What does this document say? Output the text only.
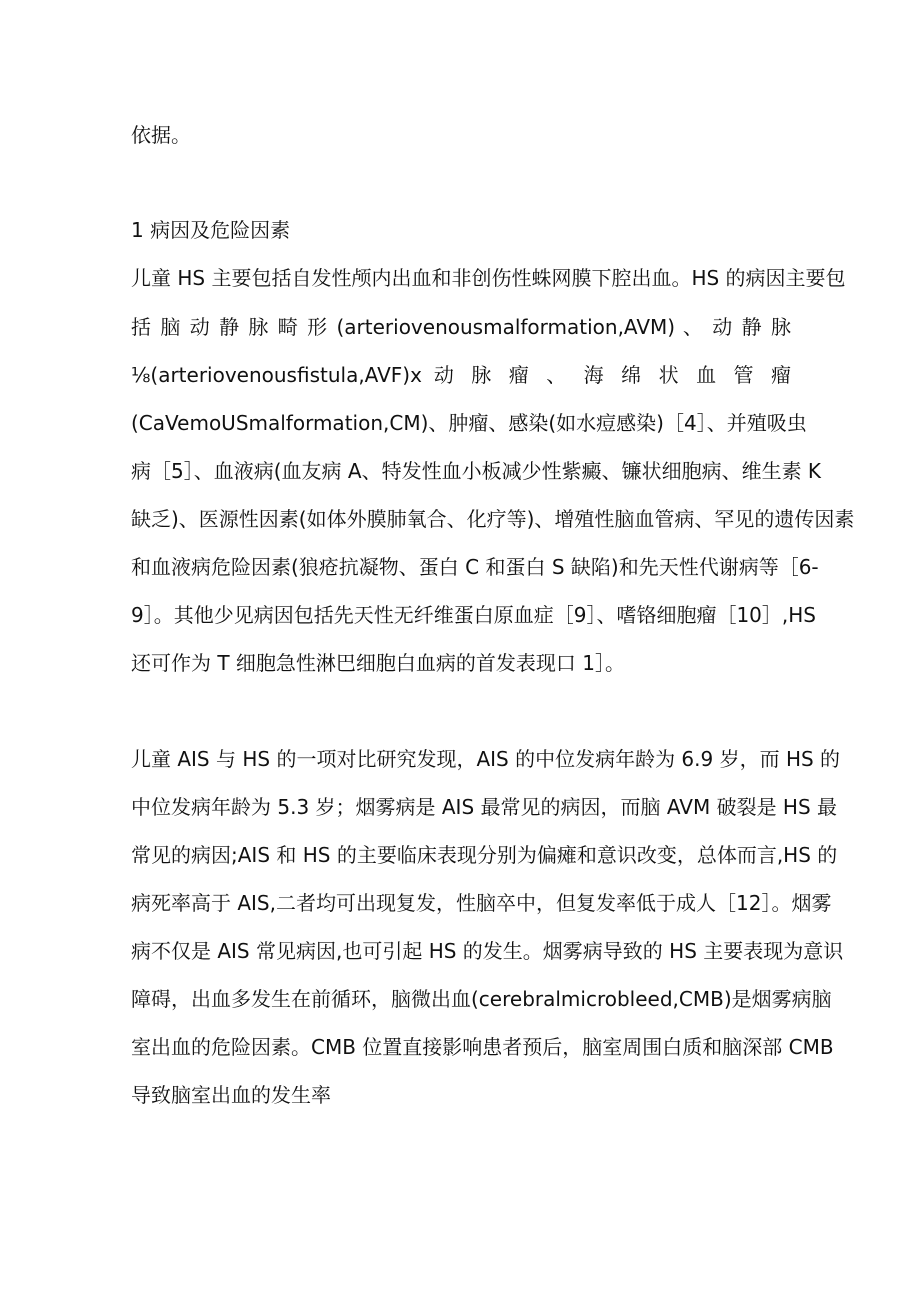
依据。

1 病因及危险因素

儿童 HS 主要包括自发性颅内出血和非创伤性蛛网膜下腔出血。HS 的病因主要包

括 脑 动 静 脉 畸 形 (arteriovenousmalformation,AVM) 、 动 静 脉

⅛(arteriovenousfistula,AVF)x 动 脉 瘤 、 海 绵 状 血 管 瘤

(CaVemoUSmalformation,CM)、肿瘤、感染(如水痘感染)［4］、并殖吸虫

病［5］、血液病(血友病 A、特发性血小板减少性紫癜、镰状细胞病、维生素 K

缺乏)、医源性因素(如体外膜肺氧合、化疗等)、增殖性脑血管病、罕见的遗传因素

和血液病危险因素(狼疮抗凝物、蛋白 C 和蛋白 S 缺陷)和先天性代谢病等［6-

9］。其他少见病因包括先天性无纤维蛋白原血症［9］、嗜铬细胞瘤［10］,HS

还可作为 T 细胞急性淋巴细胞白血病的首发表现口 1］。

儿童 AIS 与 HS 的一项对比研究发现，AIS 的中位发病年龄为 6.9 岁，而 HS 的

中位发病年龄为 5.3 岁；烟雾病是 AIS 最常见的病因，而脑 AVM 破裂是 HS 最

常见的病因;AIS 和 HS 的主要临床表现分别为偏瘫和意识改变，总体而言,HS 的

病死率高于 AIS,二者均可出现复发，性脑卒中，但复发率低于成人［12］。烟雾

病不仅是 AIS 常见病因,也可引起 HS 的发生。烟雾病导致的 HS 主要表现为意识

障碍，出血多发生在前循环，脑微出血(cerebralmicrobleed,CMB)是烟雾病脑

室出血的危险因素。CMB 位置直接影响患者预后，脑室周围白质和脑深部 CMB

导致脑室出血的发生率
